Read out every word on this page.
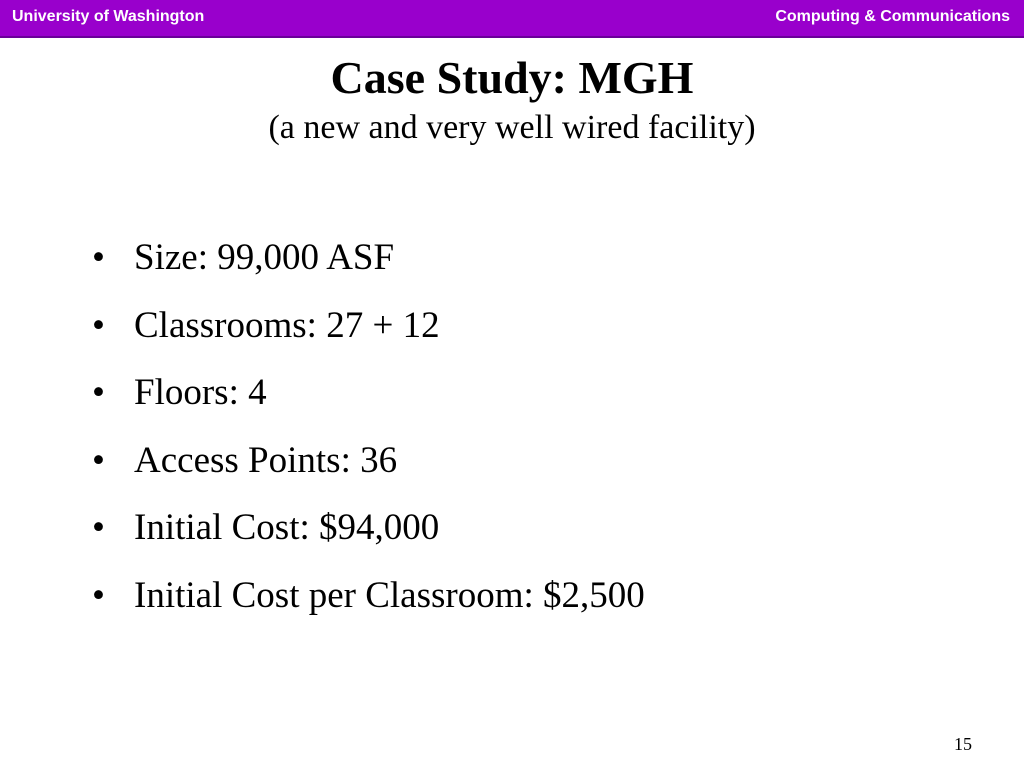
University of Washington	Computing & Communications
Case Study: MGH
(a new and very well wired facility)
• Size: 99,000 ASF
• Classrooms: 27 + 12
• Floors: 4
• Access Points: 36
• Initial Cost: $94,000
• Initial Cost per Classroom: $2,500
15
